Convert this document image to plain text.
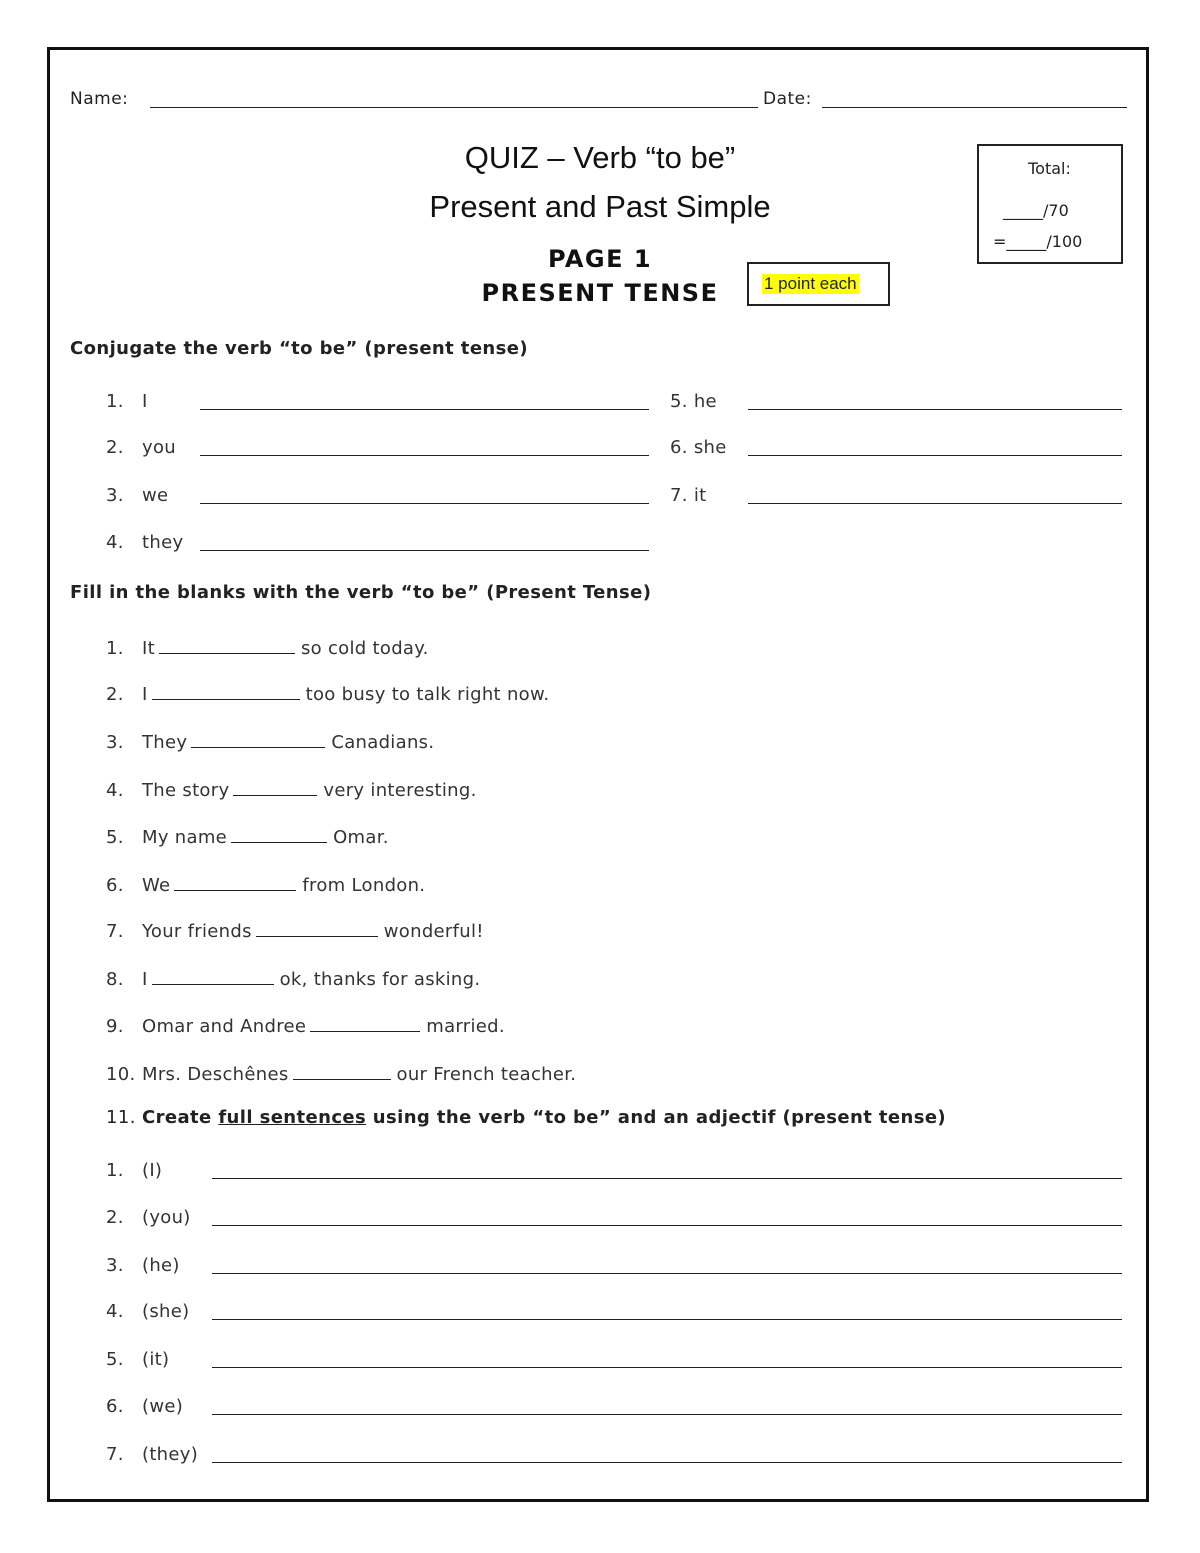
Name:	Date:
QUIZ – Verb “to be”
Present and Past Simple
PAGE 1
PRESENT TENSE
Total:
_____/70
=_____/100
1 point each
Conjugate the verb “to be” (present tense)
1. I
2. you
3. we
4. they
5. he
6. she
7. it
Fill in the blanks with the verb “to be” (Present Tense)
1. It	so cold today.
2. I	too busy to talk right now.
3. They	Canadians.
4. The story	very interesting.
5. My name	Omar.
6. We	from London.
7. Your friends	wonderful!
8. I	ok, thanks for asking.
9. Omar and Andree	married.
10. Mrs. Deschênes	our French teacher.
11. Create full sentences using the verb “to be” and an adjectif (present tense)
1. (I)
2. (you)
3. (he)
4. (she)
5. (it)
6. (we)
7. (they)
